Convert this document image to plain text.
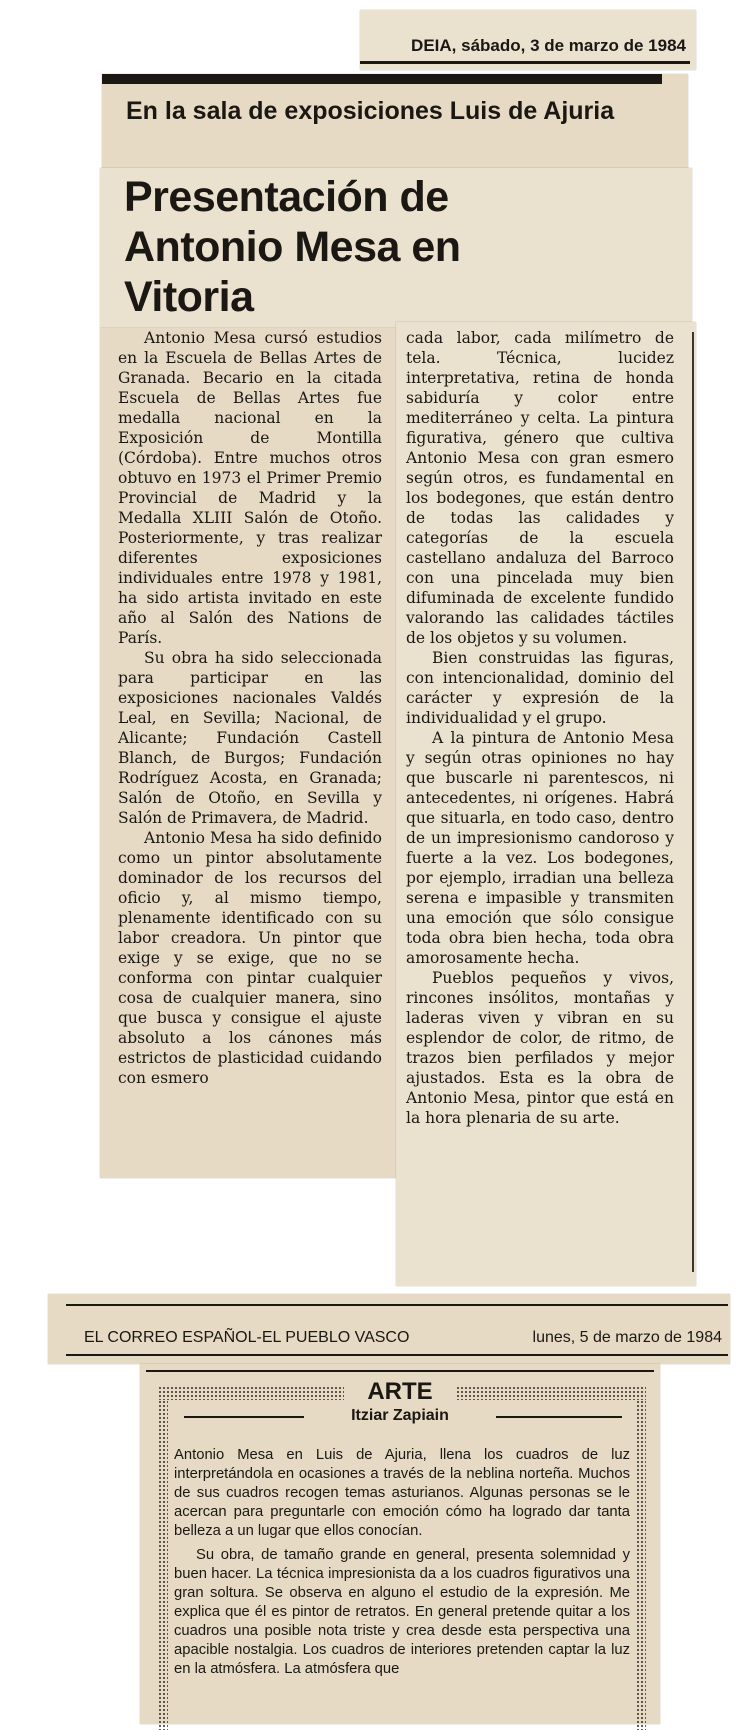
DEIA, sábado, 3 de marzo de 1984
En la sala de exposiciones Luis de Ajuria
Presentación de Antonio Mesa en Vitoria

Antonio Mesa cursó estudios en la Escuela de Bellas Artes de Granada. Becario en la citada Escuela de Bellas Artes fue medalla nacional en la Exposición de Montilla (Córdoba). Entre muchos otros obtuvo en 1973 el Primer Premio Provincial de Madrid y la Medalla XLIII Salón de Otoño. Posteriormente, y tras realizar diferentes exposiciones individuales entre 1978 y 1981, ha sido artista invitado en este año al Salón des Nations de París.

Su obra ha sido seleccionada para participar en las exposiciones nacionales Valdés Leal, en Sevilla; Nacional, de Alicante; Fundación Castell Blanch, de Burgos; Fundación Rodríguez Acosta, en Granada; Salón de Otoño, en Sevilla y Salón de Primavera, de Madrid.

Antonio Mesa ha sido definido como un pintor absolutamente dominador de los recursos del oficio y, al mismo tiempo, plenamente identificado con su labor creadora. Un pintor que exige y se exige, que no se conforma con pintar cualquier cosa de cualquier manera, sino que busca y consigue el ajuste absoluto a los cánones más estrictos de plasticidad cuidando con esmero

cada labor, cada milímetro de tela. Técnica, lucidez interpretativa, retina de honda sabiduría y color entre mediterráneo y celta. La pintura figurativa, género que cultiva Antonio Mesa con gran esmero según otros, es fundamental en los bodegones, que están dentro de todas las calidades y categorías de la escuela castellano andaluza del Barroco con una pincelada muy bien difuminada de excelente fundido valorando las calidades táctiles de los objetos y su volumen.

Bien construidas las figuras, con intencionalidad, dominio del carácter y expresión de la individualidad y el grupo.

A la pintura de Antonio Mesa y según otras opiniones no hay que buscarle ni parentescos, ni antecedentes, ni orígenes. Habrá que situarla, en todo caso, dentro de un impresionismo candoroso y fuerte a la vez. Los bodegones, por ejemplo, irradian una belleza serena e impasible y transmiten una emoción que sólo consigue toda obra bien hecha, toda obra amorosamente hecha.

Pueblos pequeños y vivos, rincones insólitos, montañas y laderas viven y vibran en su esplendor de color, de ritmo, de trazos bien perfilados y mejor ajustados. Esta es la obra de Antonio Mesa, pintor que está en la hora plenaria de su arte.

EL CORREO ESPAÑOL-EL PUEBLO VASCO	lunes, 5 de marzo de 1984
ARTE
Itziar Zapiain

Antonio Mesa en Luis de Ajuria, llena los cuadros de luz interpretándola en ocasiones a través de la neblina norteña. Muchos de sus cuadros recogen temas asturianos. Algunas personas se le acercan para preguntarle con emoción cómo ha logrado dar tanta belleza a un lugar que ellos conocían.

Su obra, de tamaño grande en general, presenta solemnidad y buen hacer. La técnica impresionista da a los cuadros figurativos una gran soltura. Se observa en alguno el estudio de la expresión. Me explica que él es pintor de retratos. En general pretende quitar a los cuadros una posible nota triste y crea desde esta perspectiva una apacible nostalgia. Los cuadros de interiores pretenden captar la luz en la atmósfera. La atmósfera que
